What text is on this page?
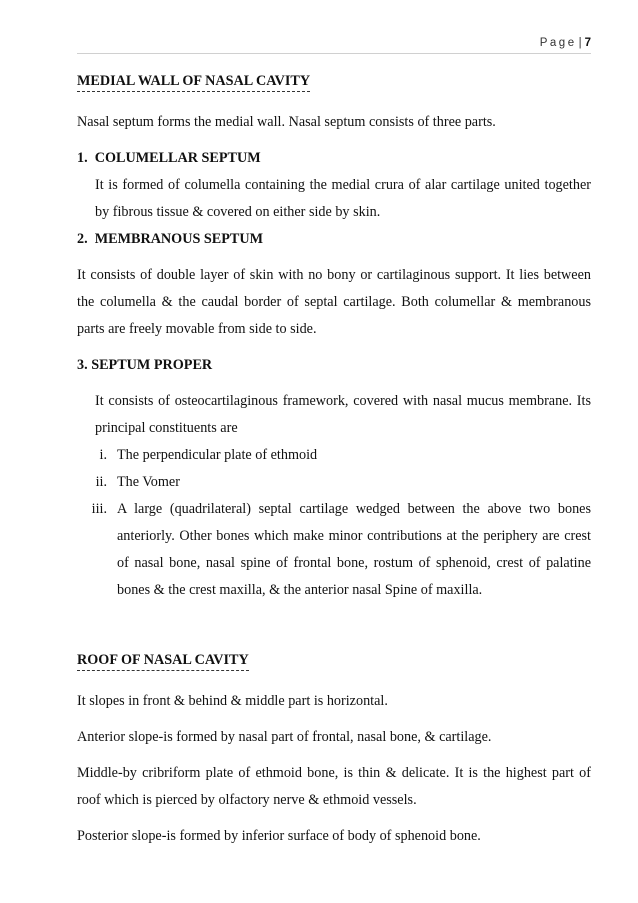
Page | 7
MEDIAL WALL OF NASAL CAVITY

Nasal septum forms the medial wall. Nasal septum consists of three parts.

1.  COLUMELLAR SEPTUM

It is formed of columella containing the medial crura of alar cartilage united together by fibrous tissue & covered on either side by skin.

2.  MEMBRANOUS SEPTUM

It consists of double layer of skin with no bony or cartilaginous support. It lies between the columella & the caudal border of septal cartilage. Both columellar & membranous parts are freely movable from side to side.

3. SEPTUM PROPER

It consists of osteocartilaginous framework, covered with nasal mucus membrane. Its principal constituents are

i. The perpendicular plate of ethmoid
ii. The Vomer
iii. A large (quadrilateral) septal cartilage wedged between the above two bones anteriorly. Other bones which make minor contributions at the periphery are crest of nasal bone, nasal spine of frontal bone, rostum of sphenoid, crest of palatine bones & the crest maxilla, & the anterior nasal Spine of maxilla.
ROOF OF NASAL CAVITY

It slopes in front & behind & middle part is horizontal.

Anterior slope-is formed by nasal part of frontal, nasal bone, & cartilage.

Middle-by cribriform plate of ethmoid bone, is thin & delicate. It is the highest part of roof which is pierced by olfactory nerve & ethmoid vessels.

Posterior slope-is formed by inferior surface of body of sphenoid bone.
